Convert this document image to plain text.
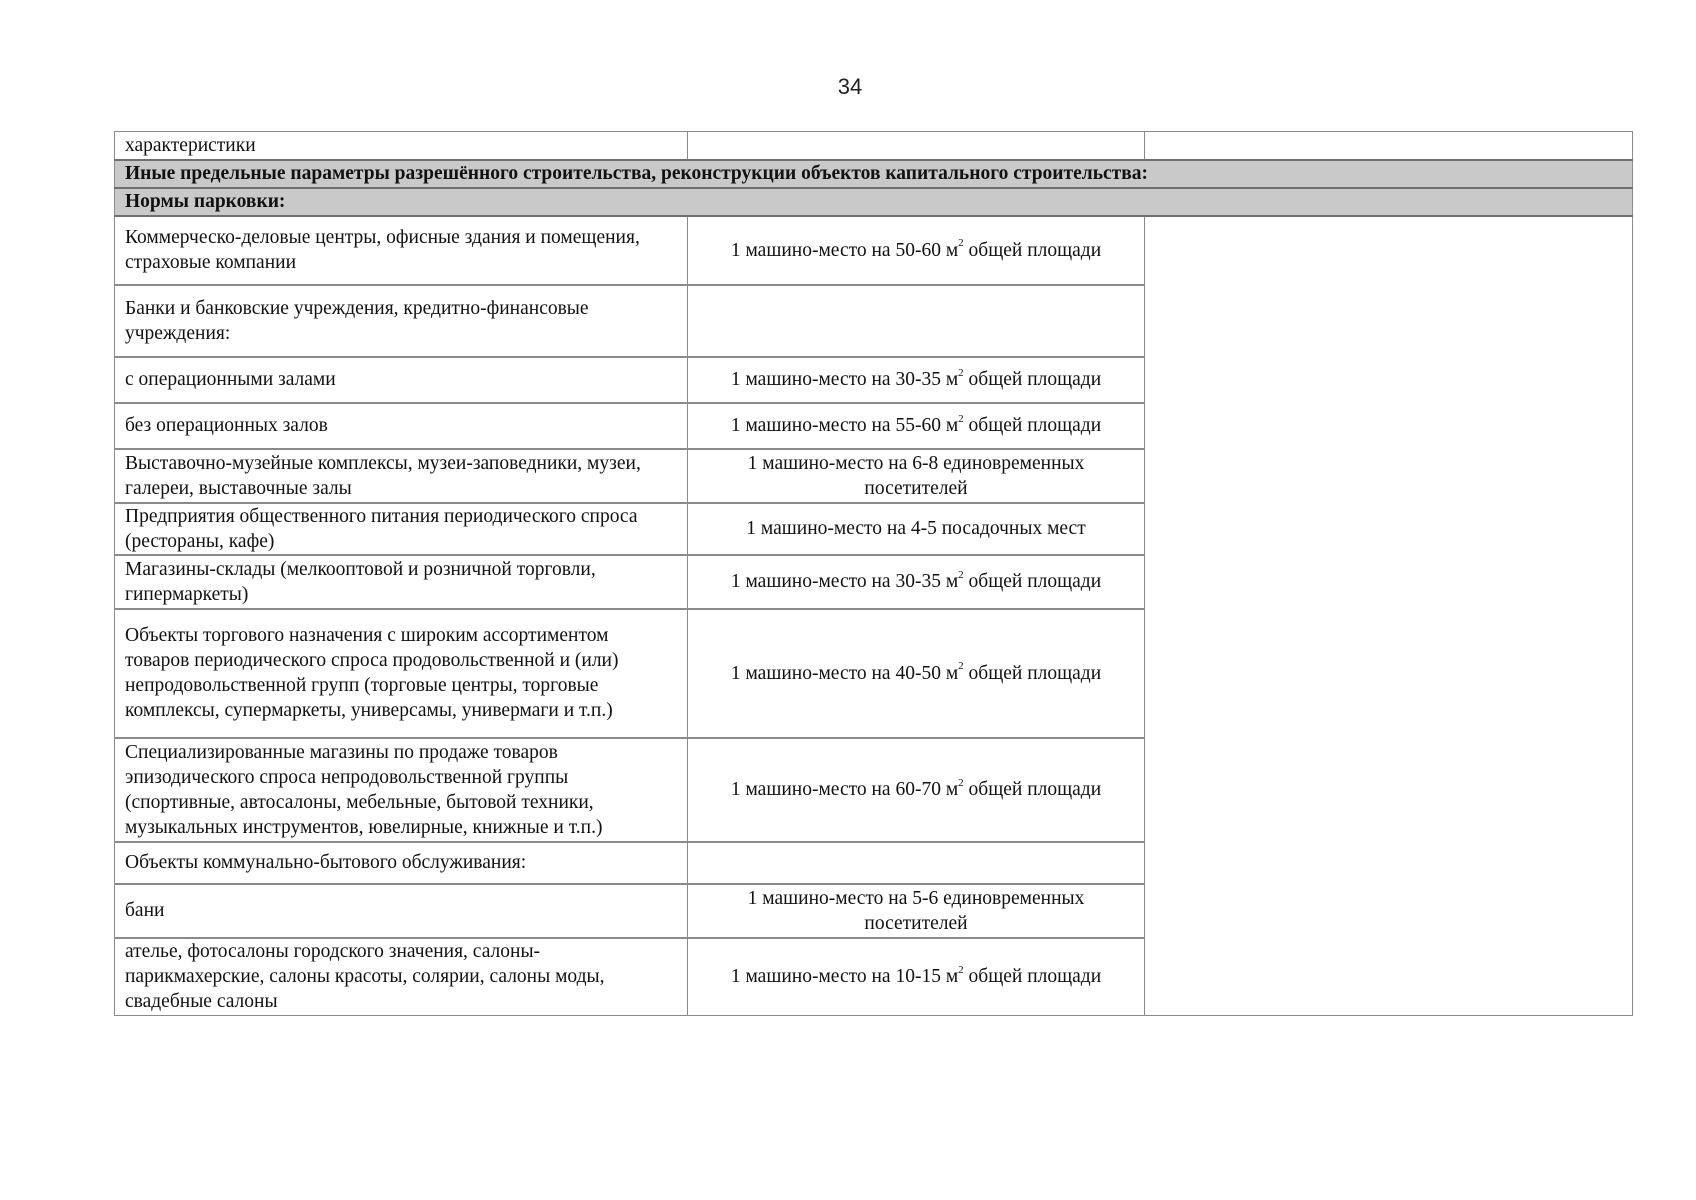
34
характеристики		
Иные предельные параметры разрешённого строительства, реконструкции объектов капитального строительства:		
Нормы парковки:		
Коммерческо-деловые центры, офисные здания и помещения, страховые компании	1 машино-место на 50-60 $м^2$ общей площади	
Банки и банковские учреждения, кредитно-финансовые учреждения:		
с операционными залами	1 машино-место на 30-35 $м^2$ общей площади	
без операционных залов	1 машино-место на 55-60 $м^2$ общей площади	
Выставочно-музейные комплексы, музеи-заповедники, музеи, галереи, выставочные залы	1 машино-место на 6-8 единовременных посетителей	
Предприятия общественного питания периодического спроса (рестораны, кафе)	1 машино-место на 4-5 посадочных мест	
Магазины-склады (мелкооптовой и розничной торговли, гипермаркеты)	1 машино-место на 30-35 $м^2$ общей площади	
Объекты торгового назначения с широким ассортиментом товаров периодического спроса продовольственной и (или) непродовольственной групп (торговые центры, торговые комплексы, супермаркеты, универсамы, универмаги и т.п.)	1 машино-место на 40-50 $м^2$ общей площади	
Специализированные магазины по продаже товаров эпизодического спроса непродовольственной группы (спортивные, автосалоны, мебельные, бытовой техники, музыкальных инструментов, ювелирные, книжные и т.п.)	1 машино-место на 60-70 $м^2$ общей площади	
Объекты коммунально-бытового обслуживания:		
бани	1 машино-место на 5-6 единовременных посетителей	
ателье, фотосалоны городского значения, салоны-парикмахерские, салоны красоты, солярии, салоны моды, свадебные салоны	1 машино-место на 10-15 $м^2$ общей площади	
